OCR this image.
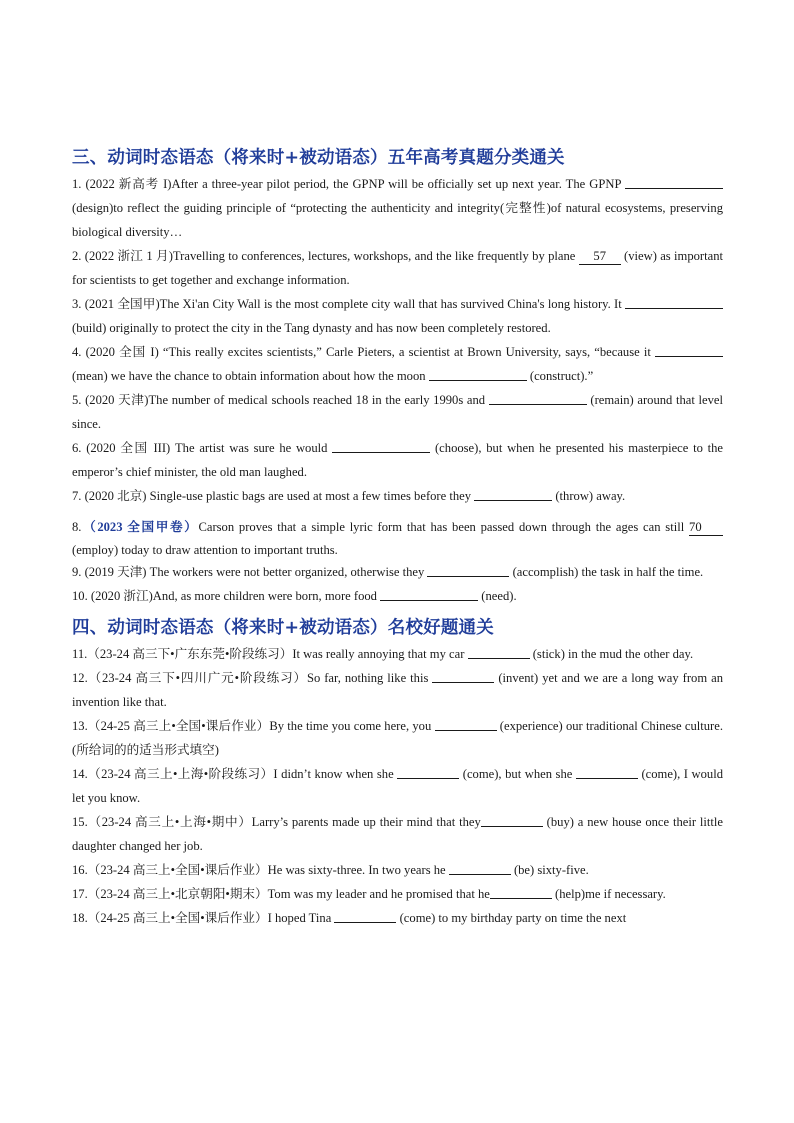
三、动词时态语态（将来时+被动语态）五年高考真题分类通关
1. (2022 新高考 I)After a three-year pilot period, the GPNP will be officially set up next year. The GPNP  (design)to reflect the guiding principle of “protecting the authenticity and integrity(完整性)of natural ecosystems, preserving biological diversity…
2. (2022 浙江 1 月)Travelling to conferences, lectures, workshops, and the like frequently by plane 57 (view) as important for scientists to get together and exchange information.
3. (2021 全国甲)The Xi'an City Wall is the most complete city wall that has survived China's long history. It  (build) originally to protect the city in the Tang dynasty and has now been completely restored.
4. (2020 全国 I) “This really excites scientists,” Carle Pieters, a scientist at Brown University, says, “because it  (mean) we have the chance to obtain information about how the moon	(construct).”
5. (2020 天津)The number of medical schools reached 18 in the early 1990s and	(remain) around that level since.
6. (2020 全国 III) The artist was sure he would	(choose), but when he presented his masterpiece to the emperor’s chief minister, the old man laughed.
7. (2020 北京) Single-use plastic bags are used at most a few times before they	(throw) away.
8.（2023 全国甲卷）Carson proves that a simple lyric form that has been passed down through the ages can still 70 (employ) today to draw attention to important truths.
9. (2019 天津) The workers were not better organized, otherwise they	(accomplish) the task in half the time.
10. (2020 浙江)And, as more children were born, more food	(need).
四、动词时态语态（将来时+被动语态）名校好题通关
11.（23-24 高三下•广东东莞•阶段练习）It was really annoying that my car	(stick) in the mud the other day.
12.（23-24 高三下•四川广元•阶段练习）So far, nothing like this	(invent) yet and we are a long way from an invention like that.
13.（24-25 高三上•全国•课后作业）By the time you come here, you	(experience) our traditional Chinese culture. (所给词的的适当形式填空)
14.（23-24 高三上•上海•阶段练习）I didn’t know when she	(come), but when she	(come), I would let you know.
15.（23-24 高三上•上海•期中）Larry’s parents made up their mind that they	(buy) a new house once their little daughter changed her job.
16.（23-24 高三上•全国•课后作业）He was sixty-three. In two years he	(be) sixty-five.
17.（23-24 高三上•北京朝阳•期末）Tom was my leader and he promised that he	(help)me if necessary.
18.（24-25 高三上•全国•课后作业）I hoped Tina	(come) to my birthday party on time the next
